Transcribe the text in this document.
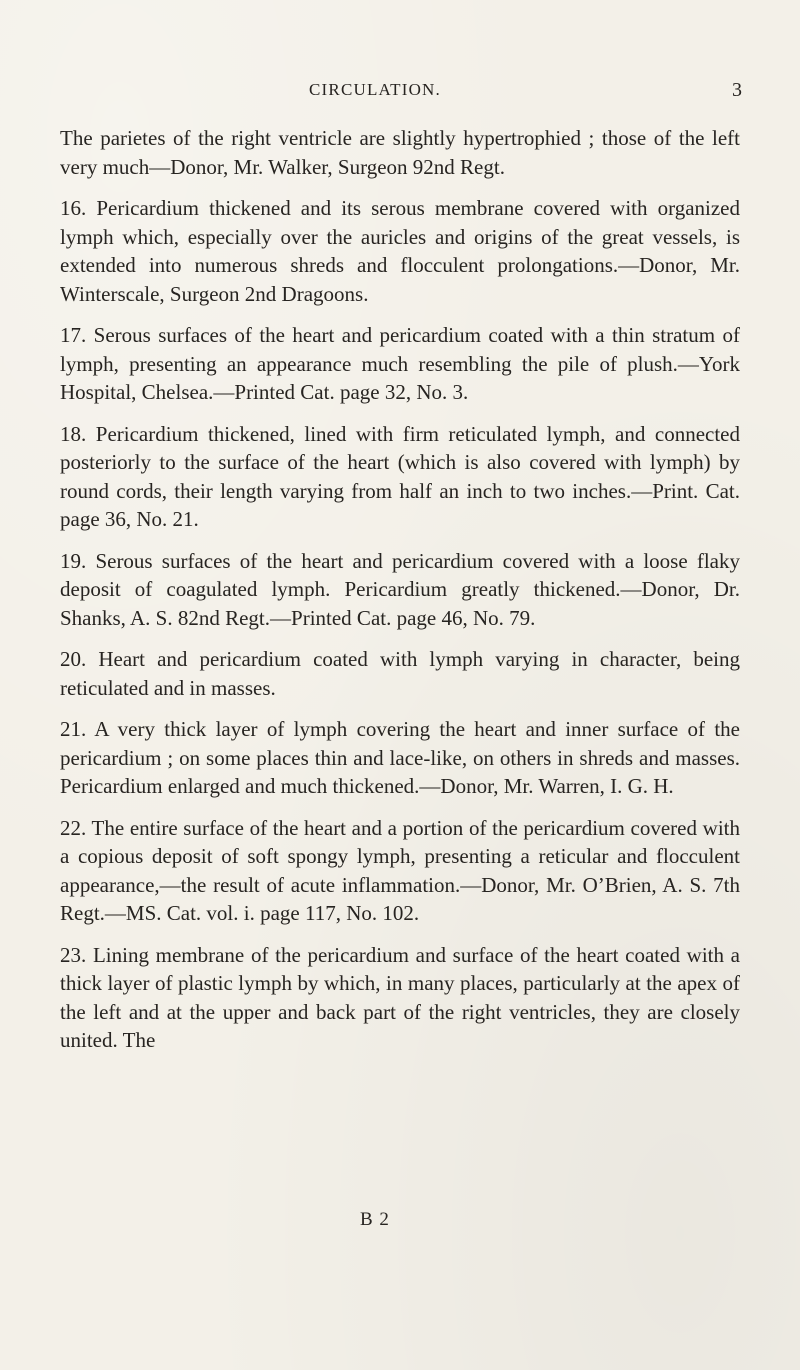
CIRCULATION.	3

The parietes of the right ventricle are slightly hypertrophied ; those of the left very much—Donor, Mr. Walker, Surgeon 92nd Regt.

16. Pericardium thickened and its serous membrane covered with organized lymph which, especially over the auricles and origins of the great vessels, is extended into numerous shreds and flocculent prolongations.—Donor, Mr. Winterscale, Surgeon 2nd Dragoons.

17. Serous surfaces of the heart and pericardium coated with a thin stratum of lymph, presenting an appearance much resembling the pile of plush.—York Hospital, Chelsea.—Printed Cat. page 32, No. 3.

18. Pericardium thickened, lined with firm reticulated lymph, and connected posteriorly to the surface of the heart (which is also covered with lymph) by round cords, their length varying from half an inch to two inches.—Print. Cat. page 36, No. 21.

19. Serous surfaces of the heart and pericardium covered with a loose flaky deposit of coagulated lymph. Pericardium greatly thickened.—Donor, Dr. Shanks, A. S. 82nd Regt.—Printed Cat. page 46, No. 79.

20. Heart and pericardium coated with lymph varying in character, being reticulated and in masses.

21. A very thick layer of lymph covering the heart and inner surface of the pericardium ; on some places thin and lace-like, on others in shreds and masses. Pericardium enlarged and much thickened.—Donor, Mr. Warren, I. G. H.

22. The entire surface of the heart and a portion of the pericardium covered with a copious deposit of soft spongy lymph, presenting a reticular and flocculent appearance,—the result of acute inflammation.—Donor, Mr. O’Brien, A. S. 7th Regt.—MS. Cat. vol. i. page 117, No. 102.

23. Lining membrane of the pericardium and surface of the heart coated with a thick layer of plastic lymph by which, in many places, particularly at the apex of the left and at the upper and back part of the right ventricles, they are closely united. The

B 2
